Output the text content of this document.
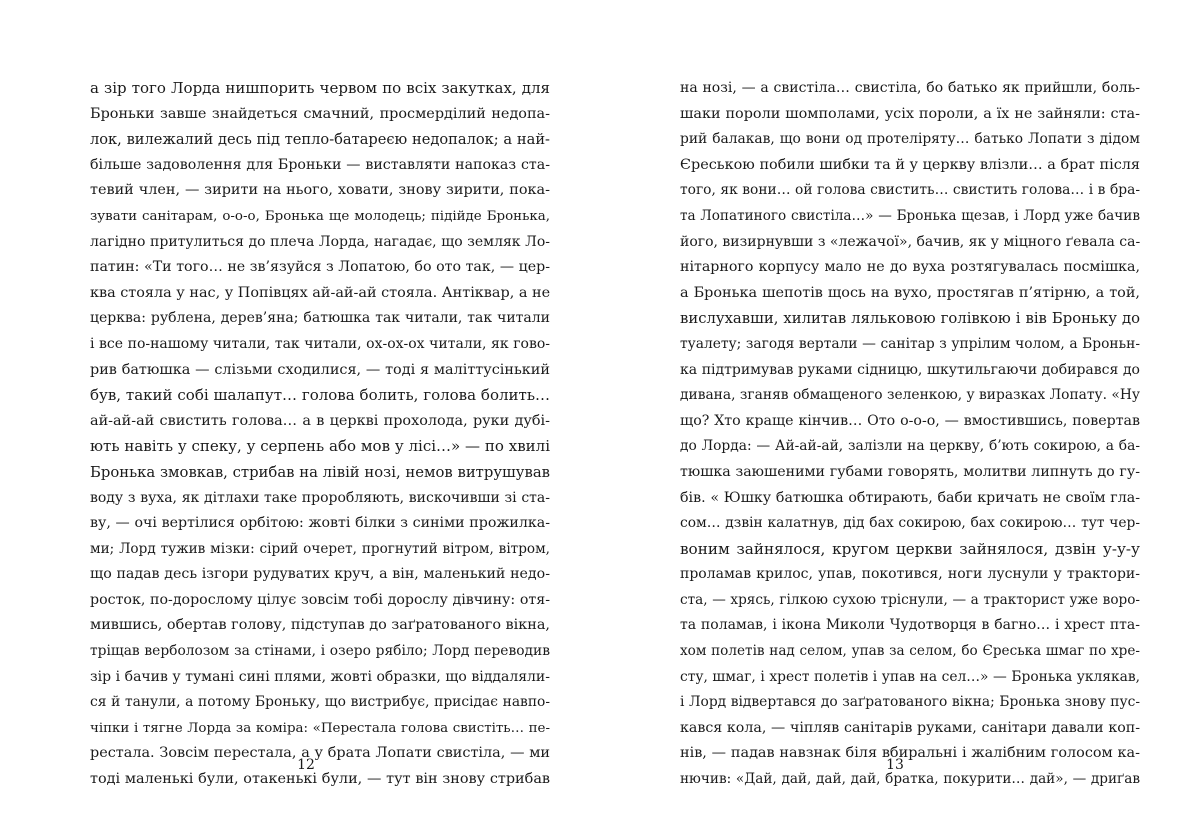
а зір того Лорда нишпорить червом по всіх закутках, для
Броньки завше знайдеться смачний, просмерділий недопа-
лок, вилежалий десь під тепло-батареєю недопалок; а най-
більше задоволення для Броньки — виставляти напоказ ста-
тевий член, — зирити на нього, ховати, знову зирити, пока-
зувати санітарам, о-о-о, Бронька ще молодець; підійде Бронька,
лагідно притулиться до плеча Лорда, нагадає, що земляк Ло-
патин: «Ти того… не зв’язуйся з Лопатою, бо ото так, — цер-
ква стояла у нас, у Попівцях ай-ай-ай стояла. Антіквар, а не
церква: рублена, дерев’яна; батюшка так читали, так читали
і все по-нашому читали, так читали, ох-ох-ох читали, як гово-
рив батюшка — слізьми сходилися, — тоді я маліттусінький
був, такий собі шалапут… голова болить, голова болить…
ай-ай-ай свистить голова… а в церкві прохолода, руки дубі-
ють навіть у спеку, у серпень або мов у лісі…» — по хвилі
Бронька змовкав, стрибав на лівій нозі, немов витрушував
воду з вуха, як дітлахи таке проробляють, вискочивши зі ста-
ву, — очі вертілися орбітою: жовті білки з синіми прожилка-
ми; Лорд тужив мізки: сірий очерет, прогнутий вітром, вітром,
що падав десь ізгори рудуватих круч, а він, маленький недо-
росток, по-дорослому цілує зовсім тобі дорослу дівчину: отя-
мившись, обертав голову, підступав до заґратованого вікна,
тріщав верболозом за стінами, і озеро рябіло; Лорд переводив
зір і бачив у тумані сині плями, жовті образки, що віддаляли-
ся й танули, а потому Броньку, що вистрибує, присідає навпо-
чіпки і тягне Лорда за коміра: «Перестала голова свистіть… пе-
рестала. Зовсім перестала, а у брата Лопати свистіла, — ми
тоді маленькі були, отакенькі були, — тут він знову стрибав
12
на нозі, — а свистіла… свистіла, бо батько як прийшли, боль-
шаки пороли шомполами, усіх пороли, а їх не зайняли: ста-
рий балакав, що вони од протеліряту… батько Лопати з дідом
Єреською побили шибки та й у церкву влізли… а брат після
того, як вони… ой голова свистить… свистить голова… і в бра-
та Лопатиного свистіла…» — Бронька щезав, і Лорд уже бачив
його, визирнувши з «лежачої», бачив, як у міцного ґевала са-
нітарного корпусу мало не до вуха розтягувалась посмішка,
а Бронька шепотів щось на вухо, простягав п’ятірню, а той,
вислухавши, хилитав ляльковою голівкою і вів Броньку до
туалету; загодя вертали — санітар з упрілим чолом, а Броньн-
ка підтримував руками сідницю, шкутильгаючи добирався до
дивана, зганяв обмащеного зеленкою, у виразках Лопату. «Ну
що? Хто краще кінчив… Ото о-о-о, — вмостившись, повертав
до Лорда: — Ай-ай-ай, залізли на церкву, б’ють сокирою, а ба-
тюшка заюшеними губами говорять, молитви липнуть до гу-
бів. « Юшку батюшка обтирають, баби кричать не своїм гла-
сом… дзвін калатнув, дід бах сокирою, бах сокирою… тут чер-
воним зайнялося, кругом церкви зайнялося, дзвін у-у-у
проламав крилос, упав, покотився, ноги луснули у трактори-
ста, — хрясь, гілкою сухою тріснули, — а тракторист уже воро-
та поламав, і ікона Миколи Чудотворця в багно… і хрест пта-
хом полетів над селом, упав за селом, бо Єреська шмаг по хре-
сту, шмаг, і хрест полетів і упав на сел…» — Бронька уклякав,
і Лорд відвертався до заґратованого вікна; Бронька знову пус-
кався кола, — чіпляв санітарів руками, санітари давали коп-
нів, — падав навзнак біля вбиральні і жалібним голосом ка-
нючив: «Дай, дай, дай, дай, братка, покурити… дай», — дриґав
13
